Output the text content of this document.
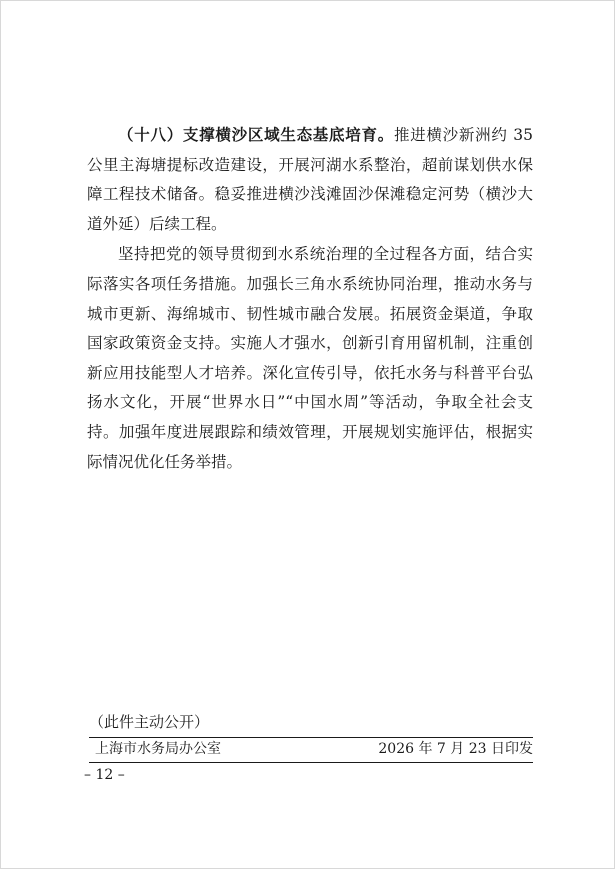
（十八）支撑横沙区域生态基底培育。推进横沙新洲约 35 公里主海塘提标改造建设，开展河湖水系整治，超前谋划供水保障工程技术储备。稳妥推进横沙浅滩固沙保滩稳定河势（横沙大道外延）后续工程。

坚持把党的领导贯彻到水系统治理的全过程各方面，结合实际落实各项任务措施。加强长三角水系统协同治理，推动水务与城市更新、海绵城市、韧性城市融合发展。拓展资金渠道，争取国家政策资金支持。实施人才强水，创新引育用留机制，注重创新应用技能型人才培养。深化宣传引导，依托水务与科普平台弘扬水文化，开展“世界水日”“中国水周”等活动，争取全社会支持。加强年度进展跟踪和绩效管理，开展规划实施评估，根据实际情况优化任务举措。

（此件主动公开）
上海市水务局办公室	2026 年 7 月 23 日印发
– 12 –
